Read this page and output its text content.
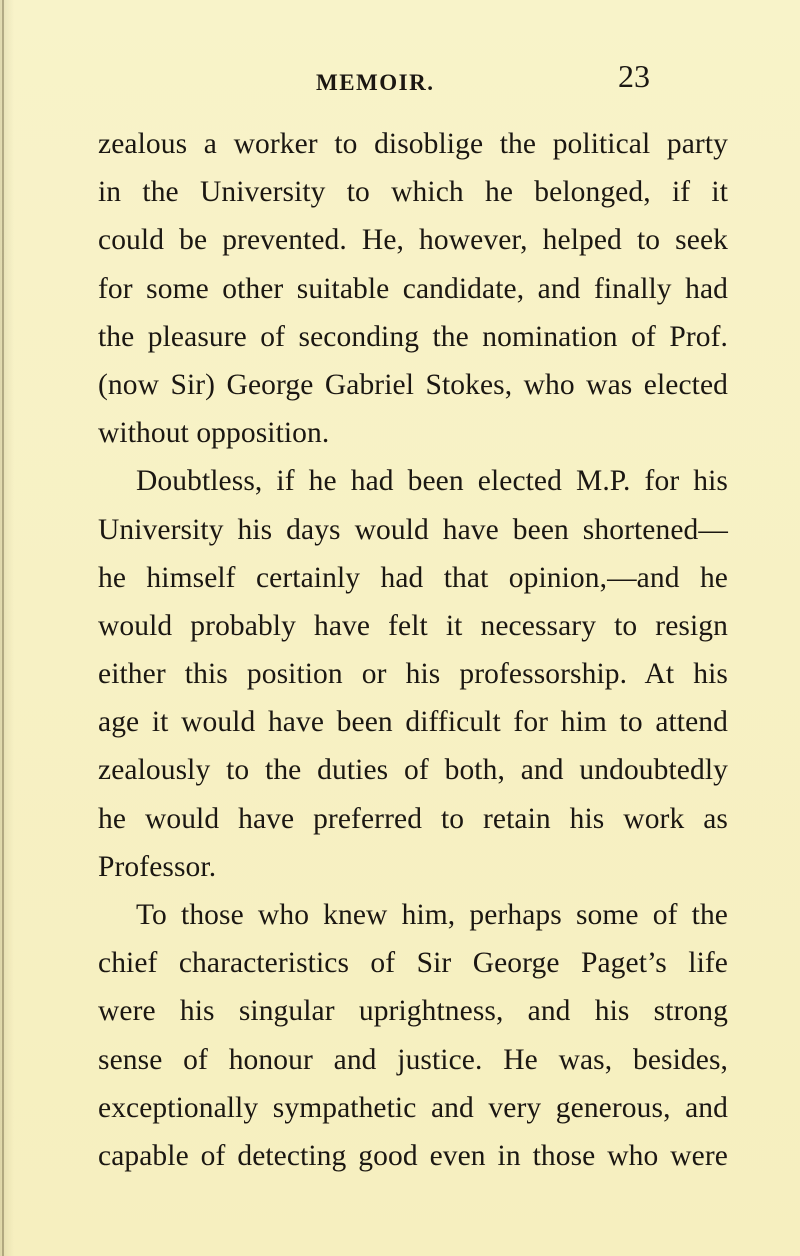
MEMOIR.	23
zealous a worker to disoblige the political party
in the University to which he belonged, if it
could be prevented. He, however, helped to seek
for some other suitable candidate, and finally had
the pleasure of seconding the nomination of Prof.
(now Sir) George Gabriel Stokes, who was elected
without opposition.
Doubtless, if he had been elected M.P. for his
University his days would have been shortened—
he himself certainly had that opinion,—and he
would probably have felt it necessary to resign
either this position or his professorship. At his
age it would have been difficult for him to attend
zealously to the duties of both, and undoubtedly
he would have preferred to retain his work as
Professor.
To those who knew him, perhaps some of the
chief characteristics of Sir George Paget’s life
were his singular uprightness, and his strong
sense of honour and justice. He was, besides,
exceptionally sympathetic and very generous, and
capable of detecting good even in those who were
